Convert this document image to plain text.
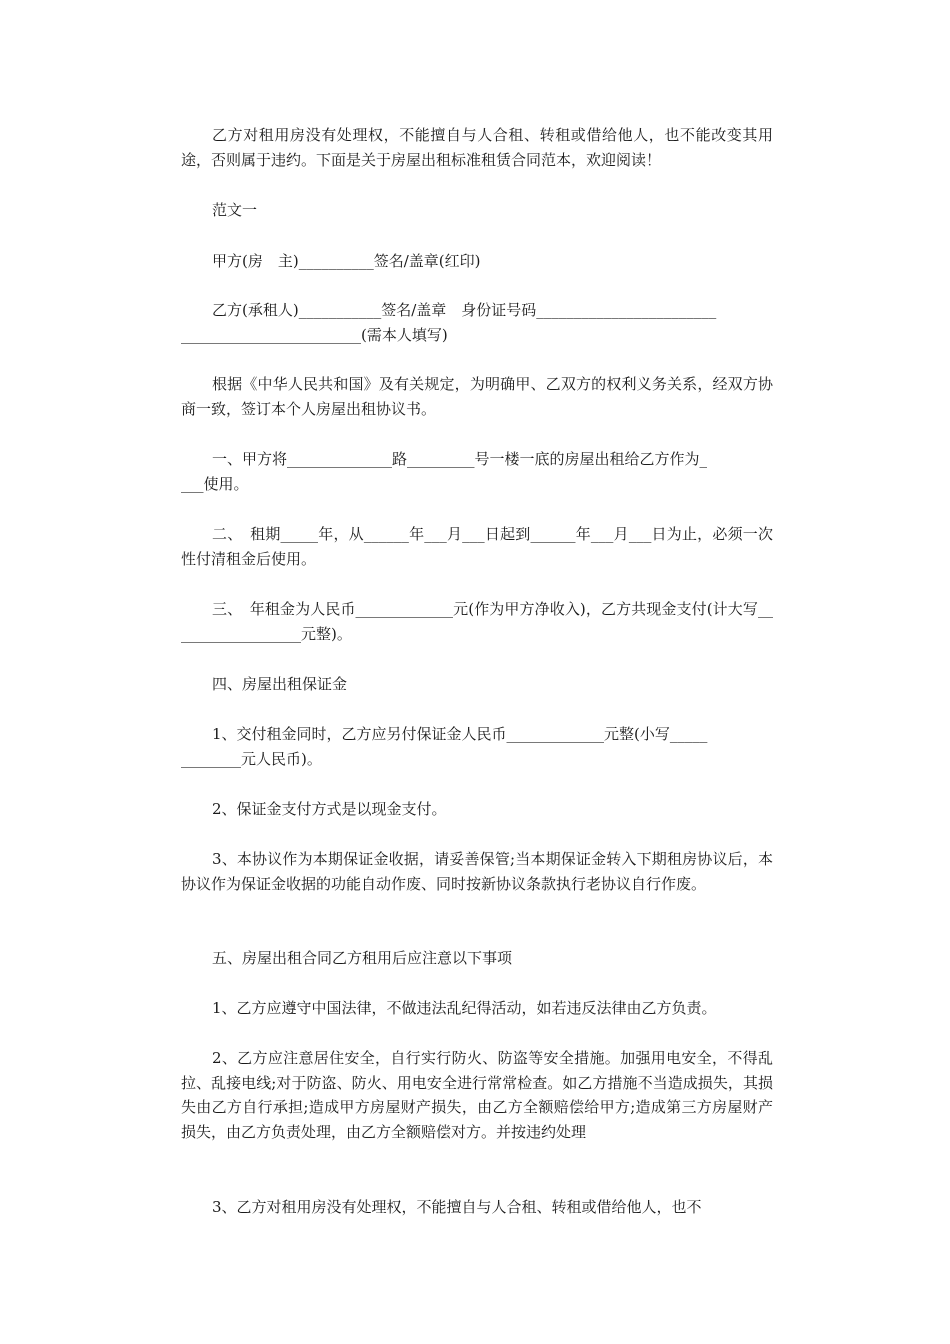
乙方对租用房没有处理权，不能擅自与人合租、转租或借给他人，也不能改变其用途，否则属于违约。下面是关于房屋出租标准租赁合同范本，欢迎阅读！

范文一

甲方(房　主)__________签名/盖章(红印)

乙方(承租人)___________签名/盖章　身份证号码________________________
________________________(需本人填写)

根据《中华人民共和国》及有关规定，为明确甲、乙双方的权利义务关系，经双方协商一致，签订本个人房屋出租协议书。

一、甲方将______________路_________号一楼一底的房屋出租给乙方作为_
___使用。

二、　租期_____年，从______年___月___日起到______年___月___日为止，必须一次性付清租金后使用。

三、　年租金为人民币_____________元(作为甲方净收入)，乙方共现金支付(计大写__________________元整)。

四、房屋出租保证金

1、交付租金同时，乙方应另付保证金人民币_____________元整(小写_____
________元人民币)。

2、保证金支付方式是以现金支付。

3、本协议作为本期保证金收据，请妥善保管;当本期保证金转入下期租房协议后，本协议作为保证金收据的功能自动作废、同时按新协议条款执行老协议自行作废。

五、房屋出租合同乙方租用后应注意以下事项

1、乙方应遵守中国法律，不做违法乱纪得活动，如若违反法律由乙方负责。

2、乙方应注意居住安全，自行实行防火、防盗等安全措施。加强用电安全，不得乱拉、乱接电线;对于防盗、防火、用电安全进行常常检查。如乙方措施不当造成损失，其损失由乙方自行承担;造成甲方房屋财产损失，由乙方全额赔偿给甲方;造成第三方房屋财产损失，由乙方负责处理，由乙方全额赔偿对方。并按违约处理

3、乙方对租用房没有处理权，不能擅自与人合租、转租或借给他人，也不
